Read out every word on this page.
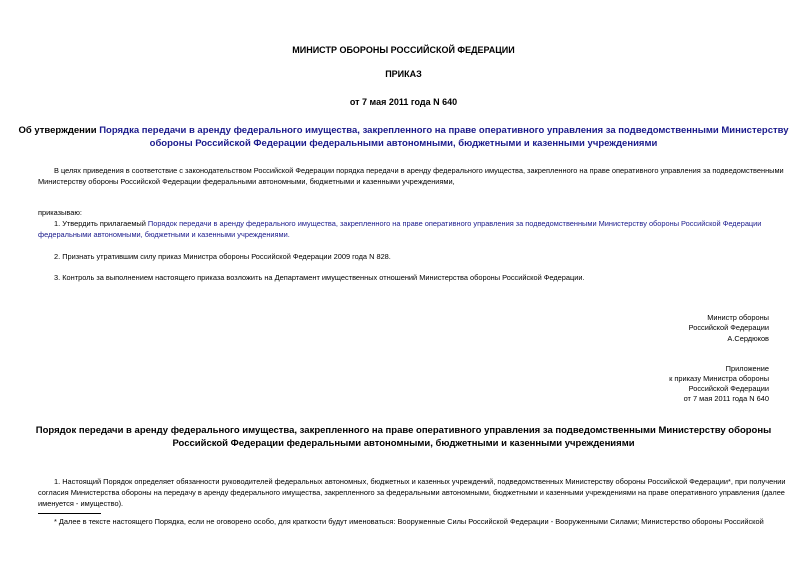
МИНИСТР ОБОРОНЫ РОССИЙСКОЙ ФЕДЕРАЦИИ
ПРИКАЗ
от 7 мая 2011 года N 640
Об утверждении Порядка передачи в аренду федерального имущества, закрепленного на праве оперативного управления за подведомственными Министерству
обороны Российской Федерации федеральными автономными, бюджетными и казенными учреждениями
В целях приведения в соответствие с законодательством Российской Федерации порядка передачи в аренду федерального имущества, закрепленного на праве оперативного управления за подведомственными
Министерству обороны Российской Федерации федеральными автономными, бюджетными и казенными учреждениями,
приказываю:
1. Утвердить прилагаемый Порядок передачи в аренду федерального имущества, закрепленного на праве оперативного управления за подведомственными Министерству обороны Российской Федерации
федеральными автономными, бюджетными и казенными учреждениями.
2. Признать утратившим силу приказ Министра обороны Российской Федерации 2009 года N 828.
3. Контроль за выполнением настоящего приказа возложить на Департамент имущественных отношений Министерства обороны Российской Федерации.
Министр обороны
Российской Федерации
А.Сердюков
Приложение
к приказу Министра обороны
Российской Федерации
от 7 мая 2011 года N 640
Порядок передачи в аренду федерального имущества, закрепленного на праве оперативного управления за подведомственными Министерству обороны
Российской Федерации федеральными автономными, бюджетными и казенными учреждениями
1. Настоящий Порядок определяет обязанности руководителей федеральных автономных, бюджетных и казенных учреждений, подведомственных Министерству обороны Российской Федерации*, при получении
согласия Министерства обороны на передачу в аренду федерального имущества, закрепленного за федеральными автономными, бюджетными и казенными учреждениями на праве оперативного управления (далее
именуется - имущество).
* Далее в тексте настоящего Порядка, если не оговорено особо, для краткости будут именоваться: Вооруженные Силы Российской Федерации - Вооруженными Силами; Министерство обороны Российской
